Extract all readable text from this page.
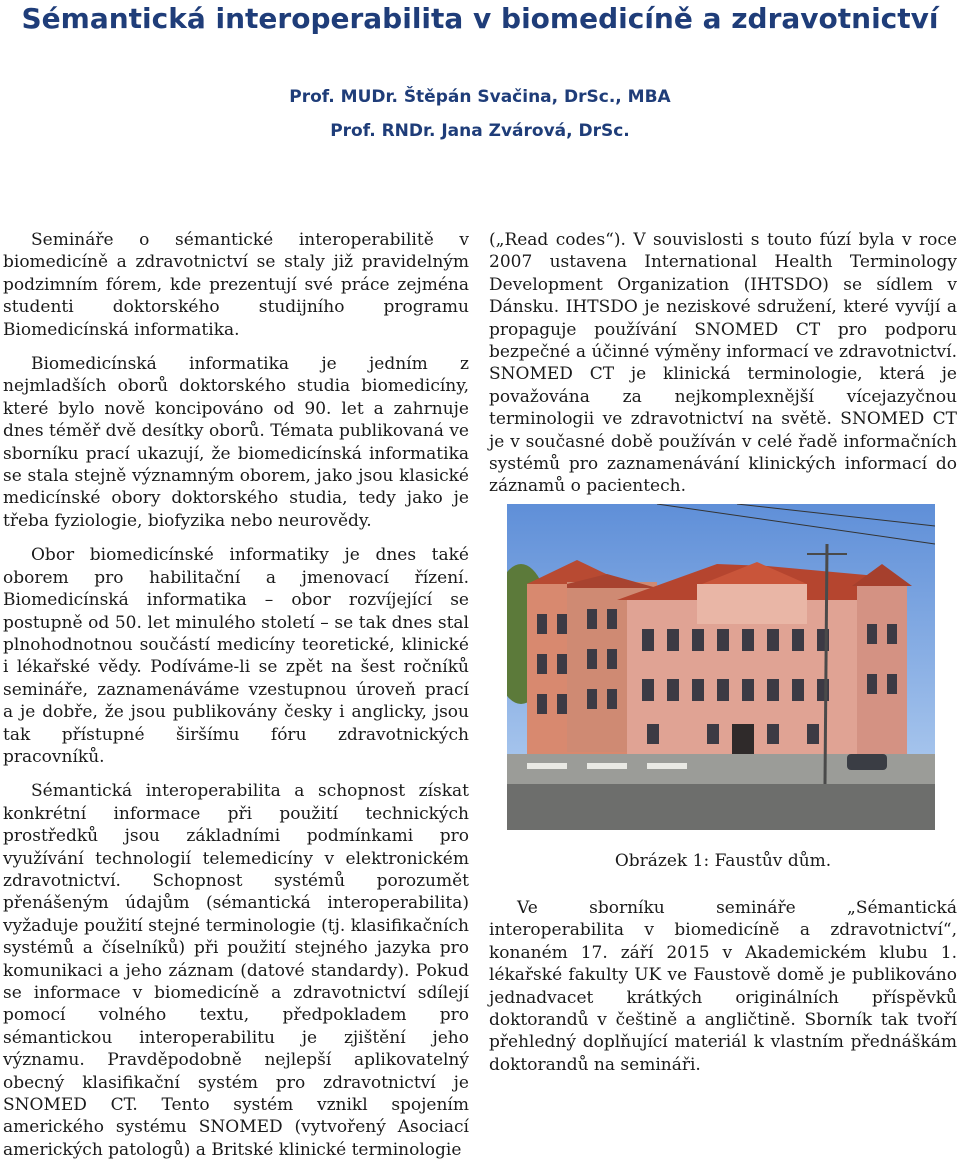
Sémantická interoperabilita v biomedicíně a zdravotnictví
Prof. MUDr. Štěpán Svačina, DrSc., MBA
Prof. RNDr. Jana Zvárová, DrSc.

Semináře o sémantické interoperabilitě v biomedicíně a zdravotnictví se staly již pravidelným podzimním fórem, kde prezentují své práce zejména studenti doktorského studijního programu Biomedicínská informatika.

Biomedicínská informatika je jedním z nejmladších oborů doktorského studia biomedicíny, které bylo nově koncipováno od 90. let a zahrnuje dnes téměř dvě desítky oborů. Témata publikovaná ve sborníku prací ukazují, že biomedicínská informatika se stala stejně významným oborem, jako jsou klasické medicínské obory doktorského studia, tedy jako je třeba fyziologie, biofyzika nebo neurovědy.

Obor biomedicínské informatiky je dnes také oborem pro habilitační a jmenovací řízení. Biomedicínská informatika – obor rozvíjející se postupně od 50. let minulého století – se tak dnes stal plnohodnotnou součástí medicíny teoretické, klinické i lékařské vědy. Podíváme-li se zpět na šest ročníků semináře, zaznamenáváme vzestupnou úroveň prací a je dobře, že jsou publikovány česky i anglicky, jsou tak přístupné širšímu fóru zdravotnických pracovníků.

Sémantická interoperabilita a schopnost získat konkrétní informace při použití technických prostředků jsou základními podmínkami pro využívání technologií telemedicíny v elektronickém zdravotnictví. Schopnost systémů porozumět přenášeným údajům (sémantická interoperabilita) vyžaduje použití stejné terminologie (tj. klasifikačních systémů a číselníků) při použití stejného jazyka pro komunikaci a jeho záznam (datové standardy). Pokud se informace v biomedicíně a zdravotnictví sdílejí pomocí volného textu, předpokladem pro sémantickou interoperabilitu je zjištění jeho významu. Pravděpodobně nejlepší aplikovatelný obecný klasifikační systém pro zdravotnictví je SNOMED CT. Tento systém vznikl spojením amerického systému SNOMED (vytvořený Asociací amerických patologů) a Britské klinické terminologie

(„Read codes“). V souvislosti s touto fúzí byla v roce 2007 ustavena International Health Terminology Development Organization (IHTSDO) se sídlem v Dánsku. IHTSDO je neziskové sdružení, které vyvíjí a propaguje používání SNOMED CT pro podporu bezpečné a účinné výměny informací ve zdravotnictví. SNOMED CT je klinická terminologie, která je považována za nejkomplexnější vícejazyčnou terminologii ve zdravotnictví na světě. SNOMED CT je v současné době používán v celé řadě informačních systémů pro zaznamenávání klinických informací do záznamů o pacientech.

Obrázek 1: Faustův dům.

Ve sborníku semináře „Sémantická interoperabilita v biomedicíně a zdravotnictví“, konaném 17. září 2015 v Akademickém klubu 1. lékařské fakulty UK ve Faustově domě je publikováno jednadvacet krátkých originálních příspěvků doktorandů v češtině a angličtině. Sborník tak tvoří přehledný doplňující materiál k vlastním přednáškám doktorandů na semináři.
